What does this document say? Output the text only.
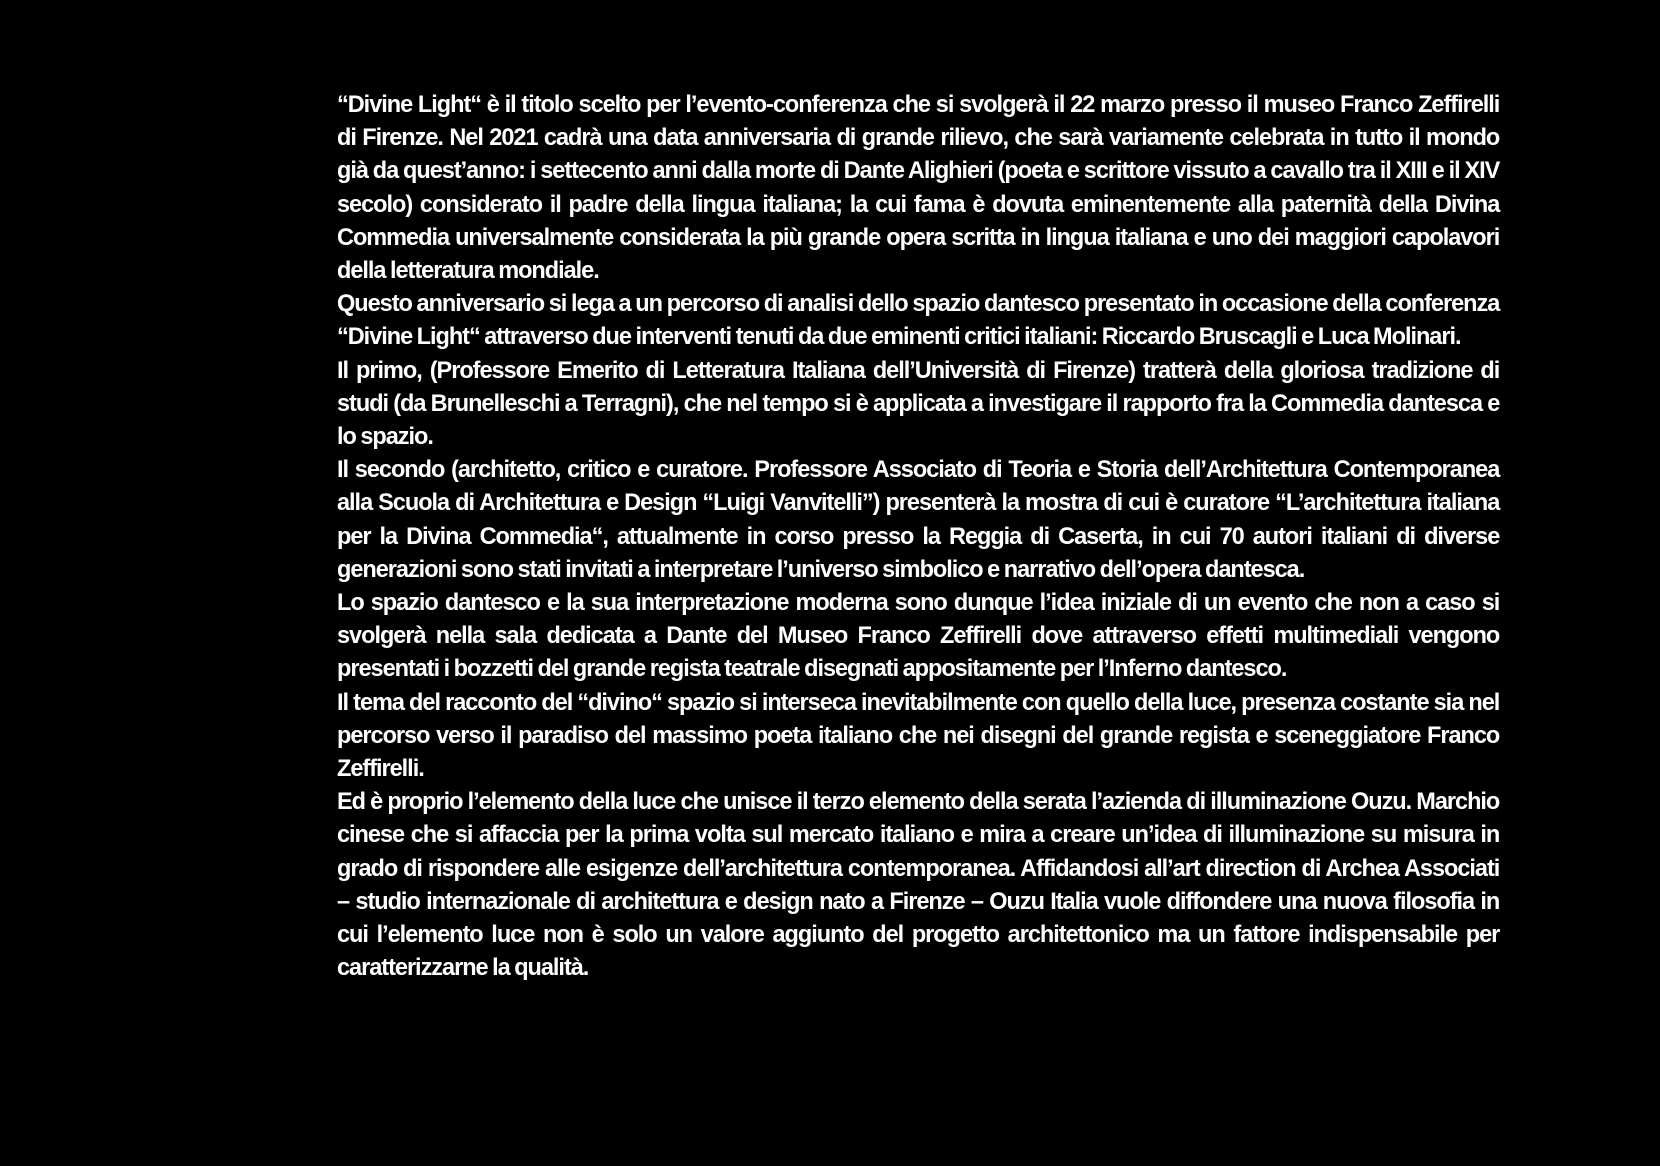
“Divine Light“ è il titolo scelto per l’evento-conferenza che si svolgerà il 22 marzo presso il museo Franco Zeffirelli di Firenze. Nel 2021 cadrà una data anniversaria di grande rilievo, che sarà variamente celebrata in tutto il mondo già da quest’anno: i settecento anni dalla morte di Dante Alighieri (poeta e scrittore vissuto a cavallo tra il XIII e il XIV secolo) considerato il padre della lingua italiana; la cui fama è dovuta eminentemente alla paternità della Divina Commedia universalmente considerata la più grande opera scritta in lingua italiana e uno dei maggiori capolavori della letteratura mondiale.

Questo anniversario si lega a un percorso di analisi dello spazio dantesco presentato in occasione della conferenza “Divine Light“ attraverso due interventi tenuti da due eminenti critici italiani: Riccardo Bruscagli e Luca Molinari.

Il primo, (Professore Emerito di Letteratura Italiana dell’Università di Firenze) tratterà della gloriosa tradizione di studi (da Brunelleschi a Terragni), che nel tempo si è applicata a investigare il rapporto fra la Commedia dantesca e lo spazio.

Il secondo (architetto, critico e curatore. Professore Associato di Teoria e Storia dell’Architettura Contemporanea alla Scuola di Architettura e Design “Luigi Vanvitelli”) presenterà la mostra di cui è curatore “L’architettura italiana per la Divina Commedia“, attualmente in corso presso la Reggia di Caserta, in cui 70 autori italiani di diverse generazioni sono stati invitati a interpretare l’universo simbolico e narrativo dell’opera dantesca.

Lo spazio dantesco e la sua interpretazione moderna sono dunque l’idea iniziale di un evento che non a caso si svolgerà nella sala dedicata a Dante del Museo Franco Zeffirelli dove attraverso effetti multimediali vengono presentati i bozzetti del grande regista teatrale disegnati appositamente per l’Inferno dantesco.

Il tema del racconto del “divino“ spazio si interseca inevitabilmente con quello della luce, presenza costante sia nel percorso verso il paradiso del massimo poeta italiano che nei disegni del grande regista e sceneggiatore Franco Zeffirelli.

Ed è proprio l’elemento della luce che unisce il terzo elemento della serata l’azienda di illuminazione Ouzu. Marchio cinese che si affaccia per la prima volta sul mercato italiano e mira a creare un’idea di illuminazione su misura in grado di rispondere alle esigenze dell’architettura contemporanea. Affidandosi all’art direction di Archea Associati – studio internazionale di architettura e design nato a Firenze – Ouzu Italia vuole diffondere una nuova filosofia in cui l’elemento luce non è solo un valore aggiunto del progetto architettonico ma un fattore indispensabile per caratterizzarne la qualità.
